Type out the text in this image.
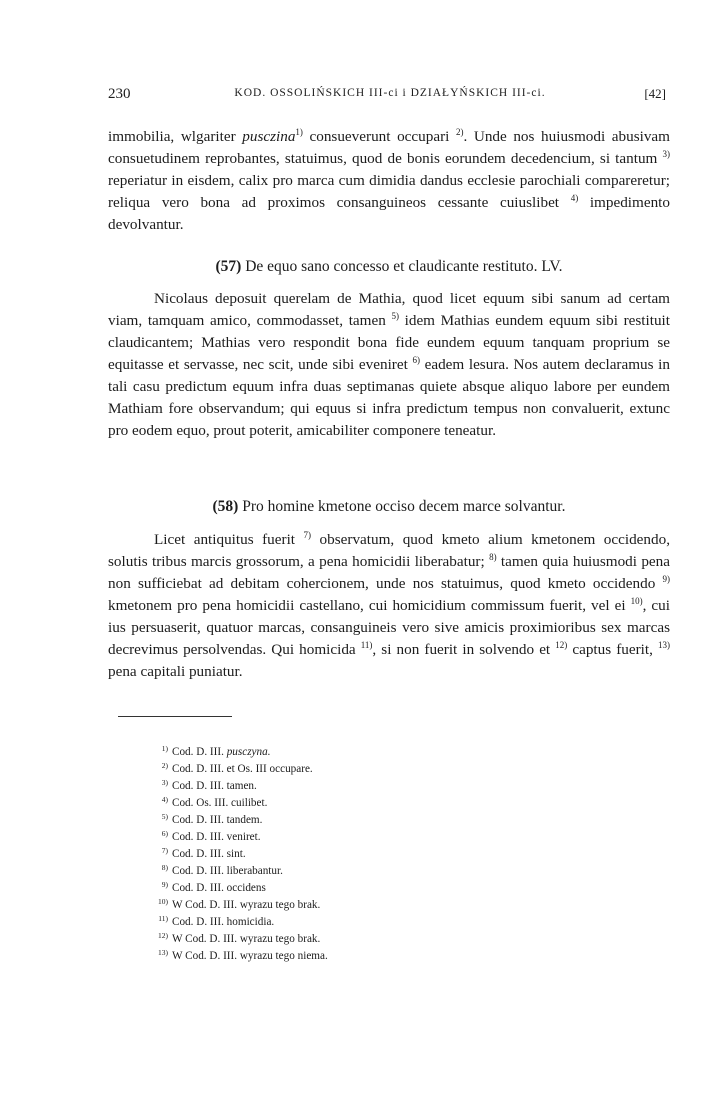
230	KOD. OSSOLIŃSKICH III-ci i DZIAŁYŃSKICH III-ci.	[42]
immobilia, wlgariter pusczina$^{1)}$ consueverunt occupari $^{2)}$. Unde nos huiusmodi abusivam consuetudinem reprobantes, statuimus, quod de bonis eorundem decedencium, si tantum $^{3)}$ reperiatur in eisdem, calix pro marca cum dimidia dandus ecclesie parochiali compareretur; reliqua vero bona ad proximos consanguineos cessante cuiuslibet $^{4)}$ impedimento devolvantur.
(57) De equo sano concesso et claudicante restituto. LV.
Nicolaus deposuit querelam de Mathia, quod licet equum sibi sanum ad certam viam, tamquam amico, commodasset, tamen $^{5)}$ idem Mathias eundem equum sibi restituit claudicantem; Mathias vero respondit bona fide eundem equum tanquam proprium se equitasse et servasse, nec scit, unde sibi eveniret $^{6)}$ eadem lesura. Nos autem declaramus in tali casu predictum equum infra duas septimanas quiete absque aliquo labore per eundem Mathiam fore observandum; qui equus si infra predictum tempus non convaluerit, extunc pro eodem equo, prout poterit, amicabiliter componere teneatur.
(58) Pro homine kmetone occiso decem marce solvantur.
Licet antiquitus fuerit $^{7)}$ observatum, quod kmeto alium kmetonem occidendo, solutis tribus marcis grossorum, a pena homicidii liberabatur; $^{8)}$ tamen quia huiusmodi pena non sufficiebat ad debitam cohercionem, unde nos statuimus, quod kmeto occidendo $^{9)}$ kmetonem pro pena homicidii castellano, cui homicidium commissum fuerit, vel ei $^{10)}$, cui ius persuaserit, quatuor marcas, consanguineis vero sive amicis proximioribus sex marcas decrevimus persolvendas. Qui homicida $^{11)}$, si non fuerit in solvendo et $^{12)}$ captus fuerit, $^{13)}$ pena capitali puniatur.
$^{1)}$ Cod. D. III. pusczyna.
$^{2)}$ Cod. D. III. et Os. III occupare.
$^{3)}$ Cod. D. III. tamen.
$^{4)}$ Cod. Os. III. cuilibet.
$^{5)}$ Cod. D. III. tandem.
$^{6)}$ Cod. D. III. veniret.
$^{7)}$ Cod. D. III. sint.
$^{8)}$ Cod. D. III. liberabantur.
$^{9)}$ Cod. D. III. occidens
$^{10)}$ W Cod. D. III. wyrazu tego brak.
$^{11)}$ Cod. D. III. homicidia.
$^{12)}$ W Cod. D. III. wyrazu tego brak.
$^{13)}$ W Cod. D. III. wyrazu tego niema.
